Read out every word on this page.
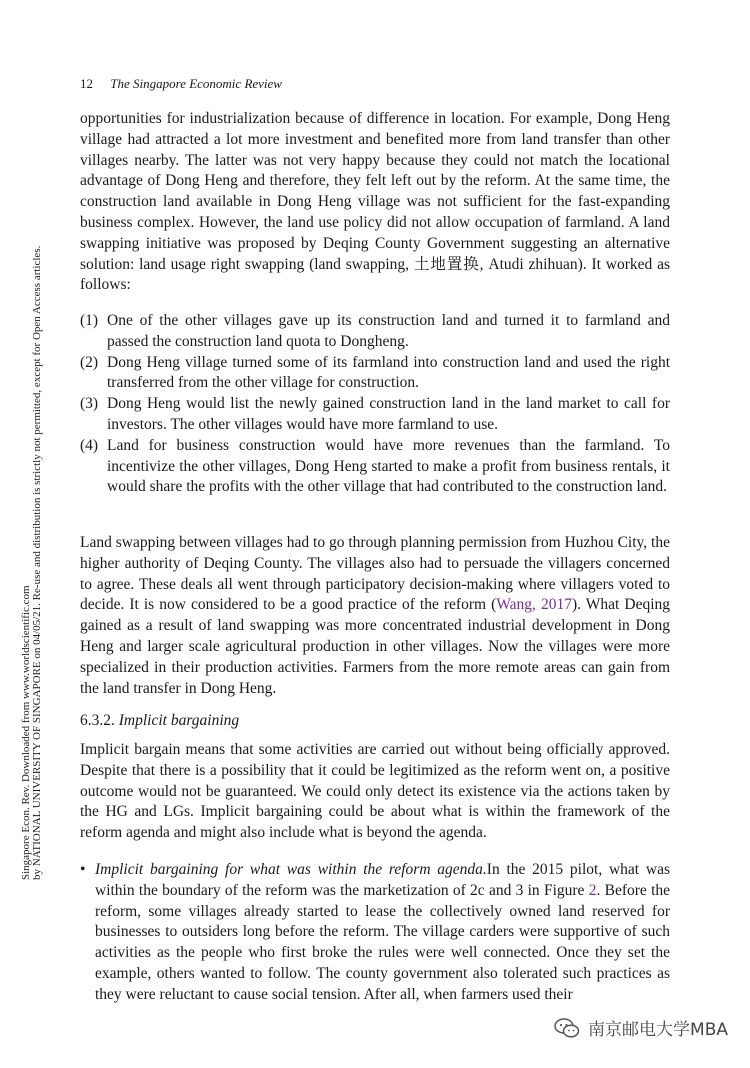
12 The Singapore Economic Review
Singapore Econ. Rev. Downloaded from www.worldscientific.com by NATIONAL UNIVERSITY OF SINGAPORE on 04/05/21. Re-use and distribution is strictly not permitted, except for Open Access articles.
opportunities for industrialization because of difference in location. For example, Dong Heng village had attracted a lot more investment and benefited more from land transfer than other villages nearby. The latter was not very happy because they could not match the locational advantage of Dong Heng and therefore, they felt left out by the reform. At the same time, the construction land available in Dong Heng village was not sufficient for the fast-expanding business complex. However, the land use policy did not allow occupation of farmland. A land swapping initiative was proposed by Deqing County Government suggesting an alternative solution: land usage right swapping (land swapping, 土地置换, Atudi zhihuan). It worked as follows:
(1) One of the other villages gave up its construction land and turned it to farmland and passed the construction land quota to Dongheng.
(2) Dong Heng village turned some of its farmland into construction land and used the right transferred from the other village for construction.
(3) Dong Heng would list the newly gained construction land in the land market to call for investors. The other villages would have more farmland to use.
(4) Land for business construction would have more revenues than the farmland. To incentivize the other villages, Dong Heng started to make a profit from business rentals, it would share the profits with the other village that had contributed to the construction land.
Land swapping between villages had to go through planning permission from Huzhou City, the higher authority of Deqing County. The villages also had to persuade the villagers concerned to agree. These deals all went through participatory decision-making where villagers voted to decide. It is now considered to be a good practice of the reform (Wang, 2017). What Deqing gained as a result of land swapping was more concentrated industrial development in Dong Heng and larger scale agricultural production in other villages. Now the villages were more specialized in their production activities. Farmers from the more remote areas can gain from the land transfer in Dong Heng.
6.3.2. Implicit bargaining
Implicit bargain means that some activities are carried out without being officially approved. Despite that there is a possibility that it could be legitimized as the reform went on, a positive outcome would not be guaranteed. We could only detect its existence via the actions taken by the HG and LGs. Implicit bargaining could be about what is within the framework of the reform agenda and might also include what is beyond the agenda.
• Implicit bargaining for what was within the reform agenda.In the 2015 pilot, what was within the boundary of the reform was the marketization of 2c and 3 in Figure 2. Before the reform, some villages already started to lease the collectively owned land reserved for businesses to outsiders long before the reform. The village carders were supportive of such activities as the people who first broke the rules were well connected. Once they set the example, others wanted to follow. The county government also tolerated such practices as they were reluctant to cause social tension. After all, when farmers used their
南京邮电大学MBA
